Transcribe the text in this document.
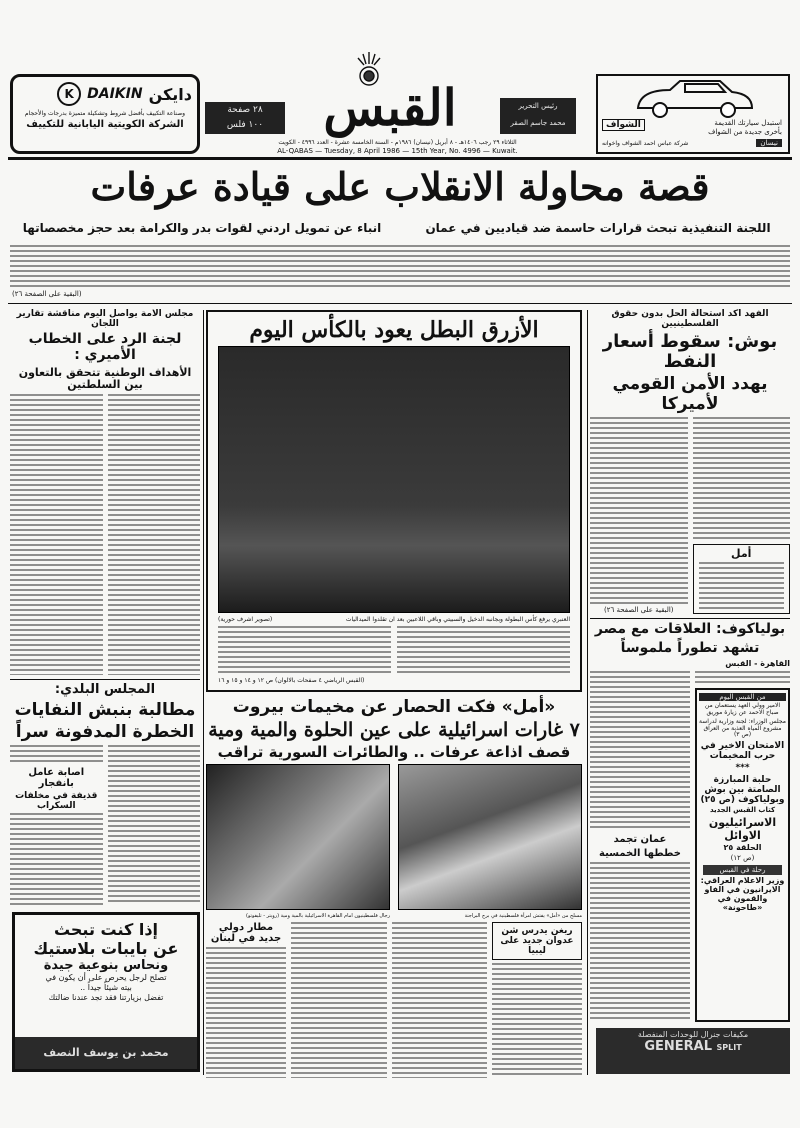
دايكن
DAIKIN
K
وصناعة التكييف بأفضل شروط وتشكيلة متميزة بدرجات والأحجام
الشركة الكويتية اليابانية للتكييف
٢٨ صفحة
١٠٠ فلس	القبس	رئيس التحرير
محمد جاسم الصقر
الثلاثاء ٢٩ رجب ١٤٠٦هـ - ٨ أبريل (نيسان) ١٩٨٦م - السنة الخامسة عشرة - العدد ٤٩٩٦ - الكويت
AL-QABAS — Tuesday, 8 April 1986 — 15th Year, No. 4996 — Kuwait.
استبدل سيارتك القديمة
بأخرى جديدة من الشواف
الشواف
شركة عباس احمد الشواف واخوانه	نيسان
قصة محاولة الانقلاب على قيادة عرفات
اللجنة التنفيذية تبحث قرارات حاسمة ضد قياديين في عمان
انباء عن تمويل اردني لقوات بدر والكرامة بعد حجز مخصصاتها
(البقية على الصفحة ٢٦)
مجلس الامة يواصل اليوم مناقشة تقارير اللجان
لجنة الرد على الخطاب الأميري :
الأهداف الوطنية تتحقق بالتعاون بين السلطتين
المجلس البلدي:
مطالبة بنبش النفايات
الخطرة المدفونة سراً
اصابة عامل بانفجار
قذيفة في مخلفات السكراب
إذا كنت تبحث
عن بايبات بلاستيك
ونحاس بنوعية جيدة
تصلح لرجل يحرص على أن يكون في
بيته شيئاً جيداً ..
تفضل بزيارتنا فقد تجد عندنا ضالتك
محمد بن يوسف النصف
الأزرق البطل يعود بالكأس اليوم
العنبري يرفع كأس البطولة وبجانبه الدخيل والسبيتي وباقي اللاعبين بعد ان تقلدوا الميداليات
(تصوير اشرف حورية)
(القبس الرياضي ٤ صفحات بالالوان) ص ١٢ و ١٤ و ١٥ و ١٦
«أمل» فكت الحصار عن مخيمات بيروت
٧ غارات اسرائيلية على عين الحلوة والمية ومية
قصف اذاعة عرفات .. والطائرات السورية تراقب
مسلح من «أمل» يفتش امرأة فلسطينية في برج البراجنة
رجال فلسطينيون امام القاهرة الاسرائيلية بالمية ومية (رويتر - تليفوتو)
ريغن يدرس شن عدوان جديد على ليبيا
مطار دولي جديد في لبنان
الفهد اكد استحالة الحل بدون حقوق الفلسطينيين
بوش: سقوط أسعار النفط
يهدد الأمن القومي لأميركا
أمل
(البقية على الصفحة ٢٦)
بولياكوف: العلاقات مع مصر
تشهد تطوراً ملموساً
القاهرة - القبس
من القبس اليوم
الامير وولي العهد يستعمان من صباح الاحمد عن زيارة موريق
مجلس الوزراء: لجنة وزارية لدراسة مشروع المياه العذبة من العراق (ص ٣)
الامتحان الاخير في حرب المخيمات
***
حلبة المبارزة الصامتة بين بوش وبولياكوف (ص ٢٥)
كتاب القبس الجديد
الاسرائيليون الاوائل
الحلقة ٢٥
(ص ١٢)
رحلة في القبس
وزير الاعلام العراقي: الايرانيون في الفاو والقمون في «طاحونة»
عمان تجمد
خططها الخمسية
مكيفات جنرال للوحدات المنفصلة
GENERAL SPLIT
